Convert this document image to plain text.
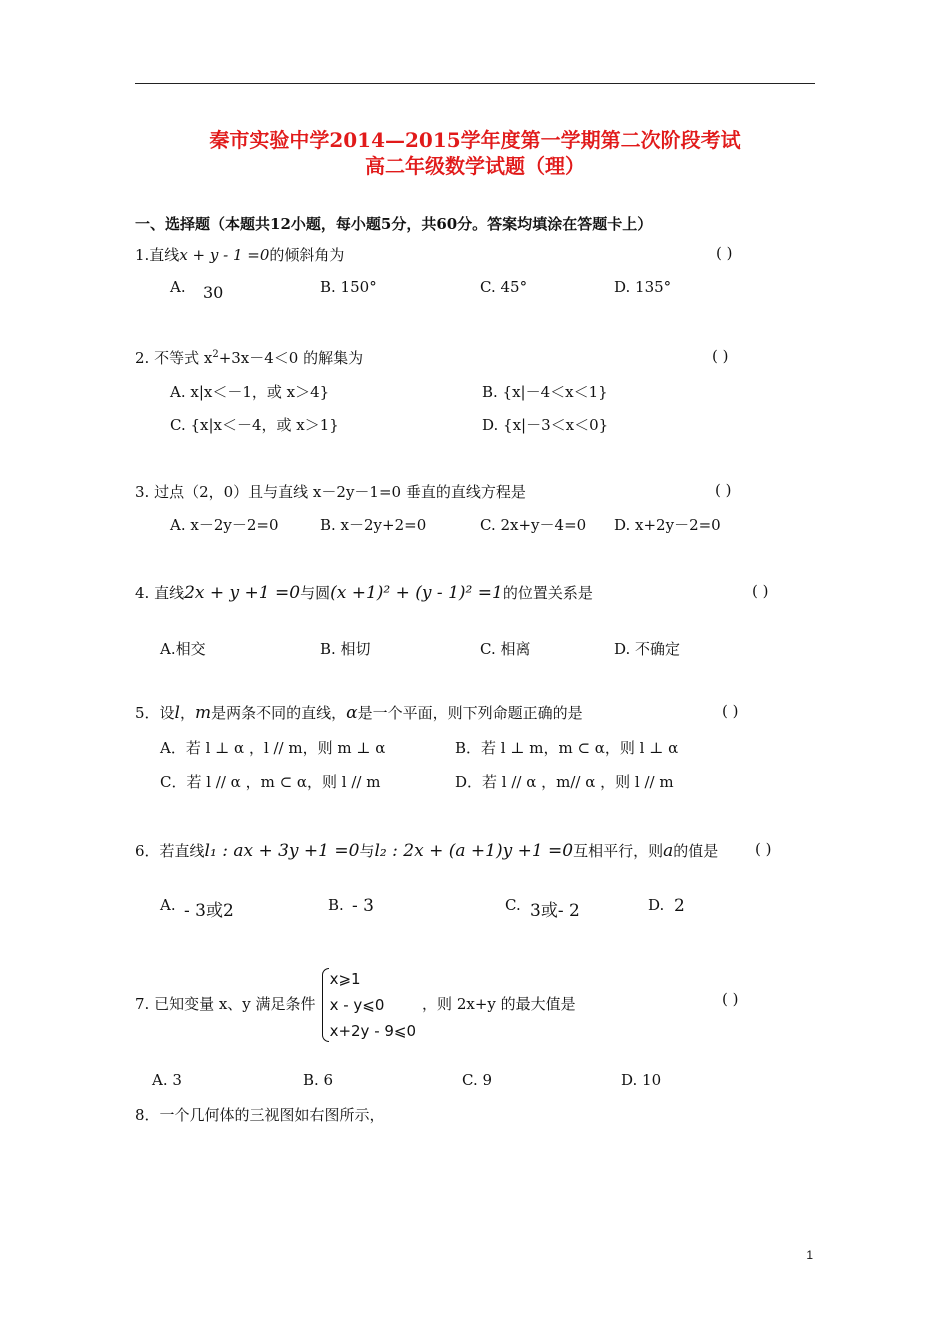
秦市实验中学2014—2015学年度第一学期第二次阶段考试
高二年级数学试题（理）
一、选择题（本题共12小题，每小题5分，共60分。答案均填涂在答题卡上）
1.直线x + y - 1 =0的倾斜角为	( )
A. 30	B. 150°	C. 45°	D. 135°
2. 不等式 $x^2+3x-4<0$ 的解集为	( )
A. x|x＜－1，或 x＞4}	B. {x|－4＜x＜1}
C. {x|x＜－4，或 x＞1}	D. {x|－3＜x＜0}
3. 过点（2，0）且与直线 x－2y－1=0 垂直的直线方程是	( )
A. x－2y－2=0	B. x－2y+2=0	C. 2x+y－4=0 D. x+2y－2=0
4. 直线2x + y +1 =0与圆(x +1)² + (y - 1)² =1的位置关系是	( )
A.相交	B. 相切	C. 相离	D. 不确定
5．设l，m是两条不同的直线，α是一个平面，则下列命题正确的是	( )
A．若 l ⊥ α ，l // m，则 m ⊥ α	B．若 l ⊥ m，m ⊂ α，则 l ⊥ α
C．若 l // α ，m ⊂ α，则 l // m	D．若 l // α ，m// α ，则 l // m
6．若直线l₁ : ax + 3y +1 =0与l₂ : 2x + (a +1)y +1 =0互相平行，则a的值是 ( )
A. - 3或2	B. - 3	C. 3或- 2	D. 2
7. 已知变量 x、y 满足条件
x⩾1
x - y⩽0
x+2y - 9⩽0
，则 2x+y 的最大值是	( )
A. 3	B. 6	C. 9	D. 10
8．一个几何体的三视图如右图所示，
1
